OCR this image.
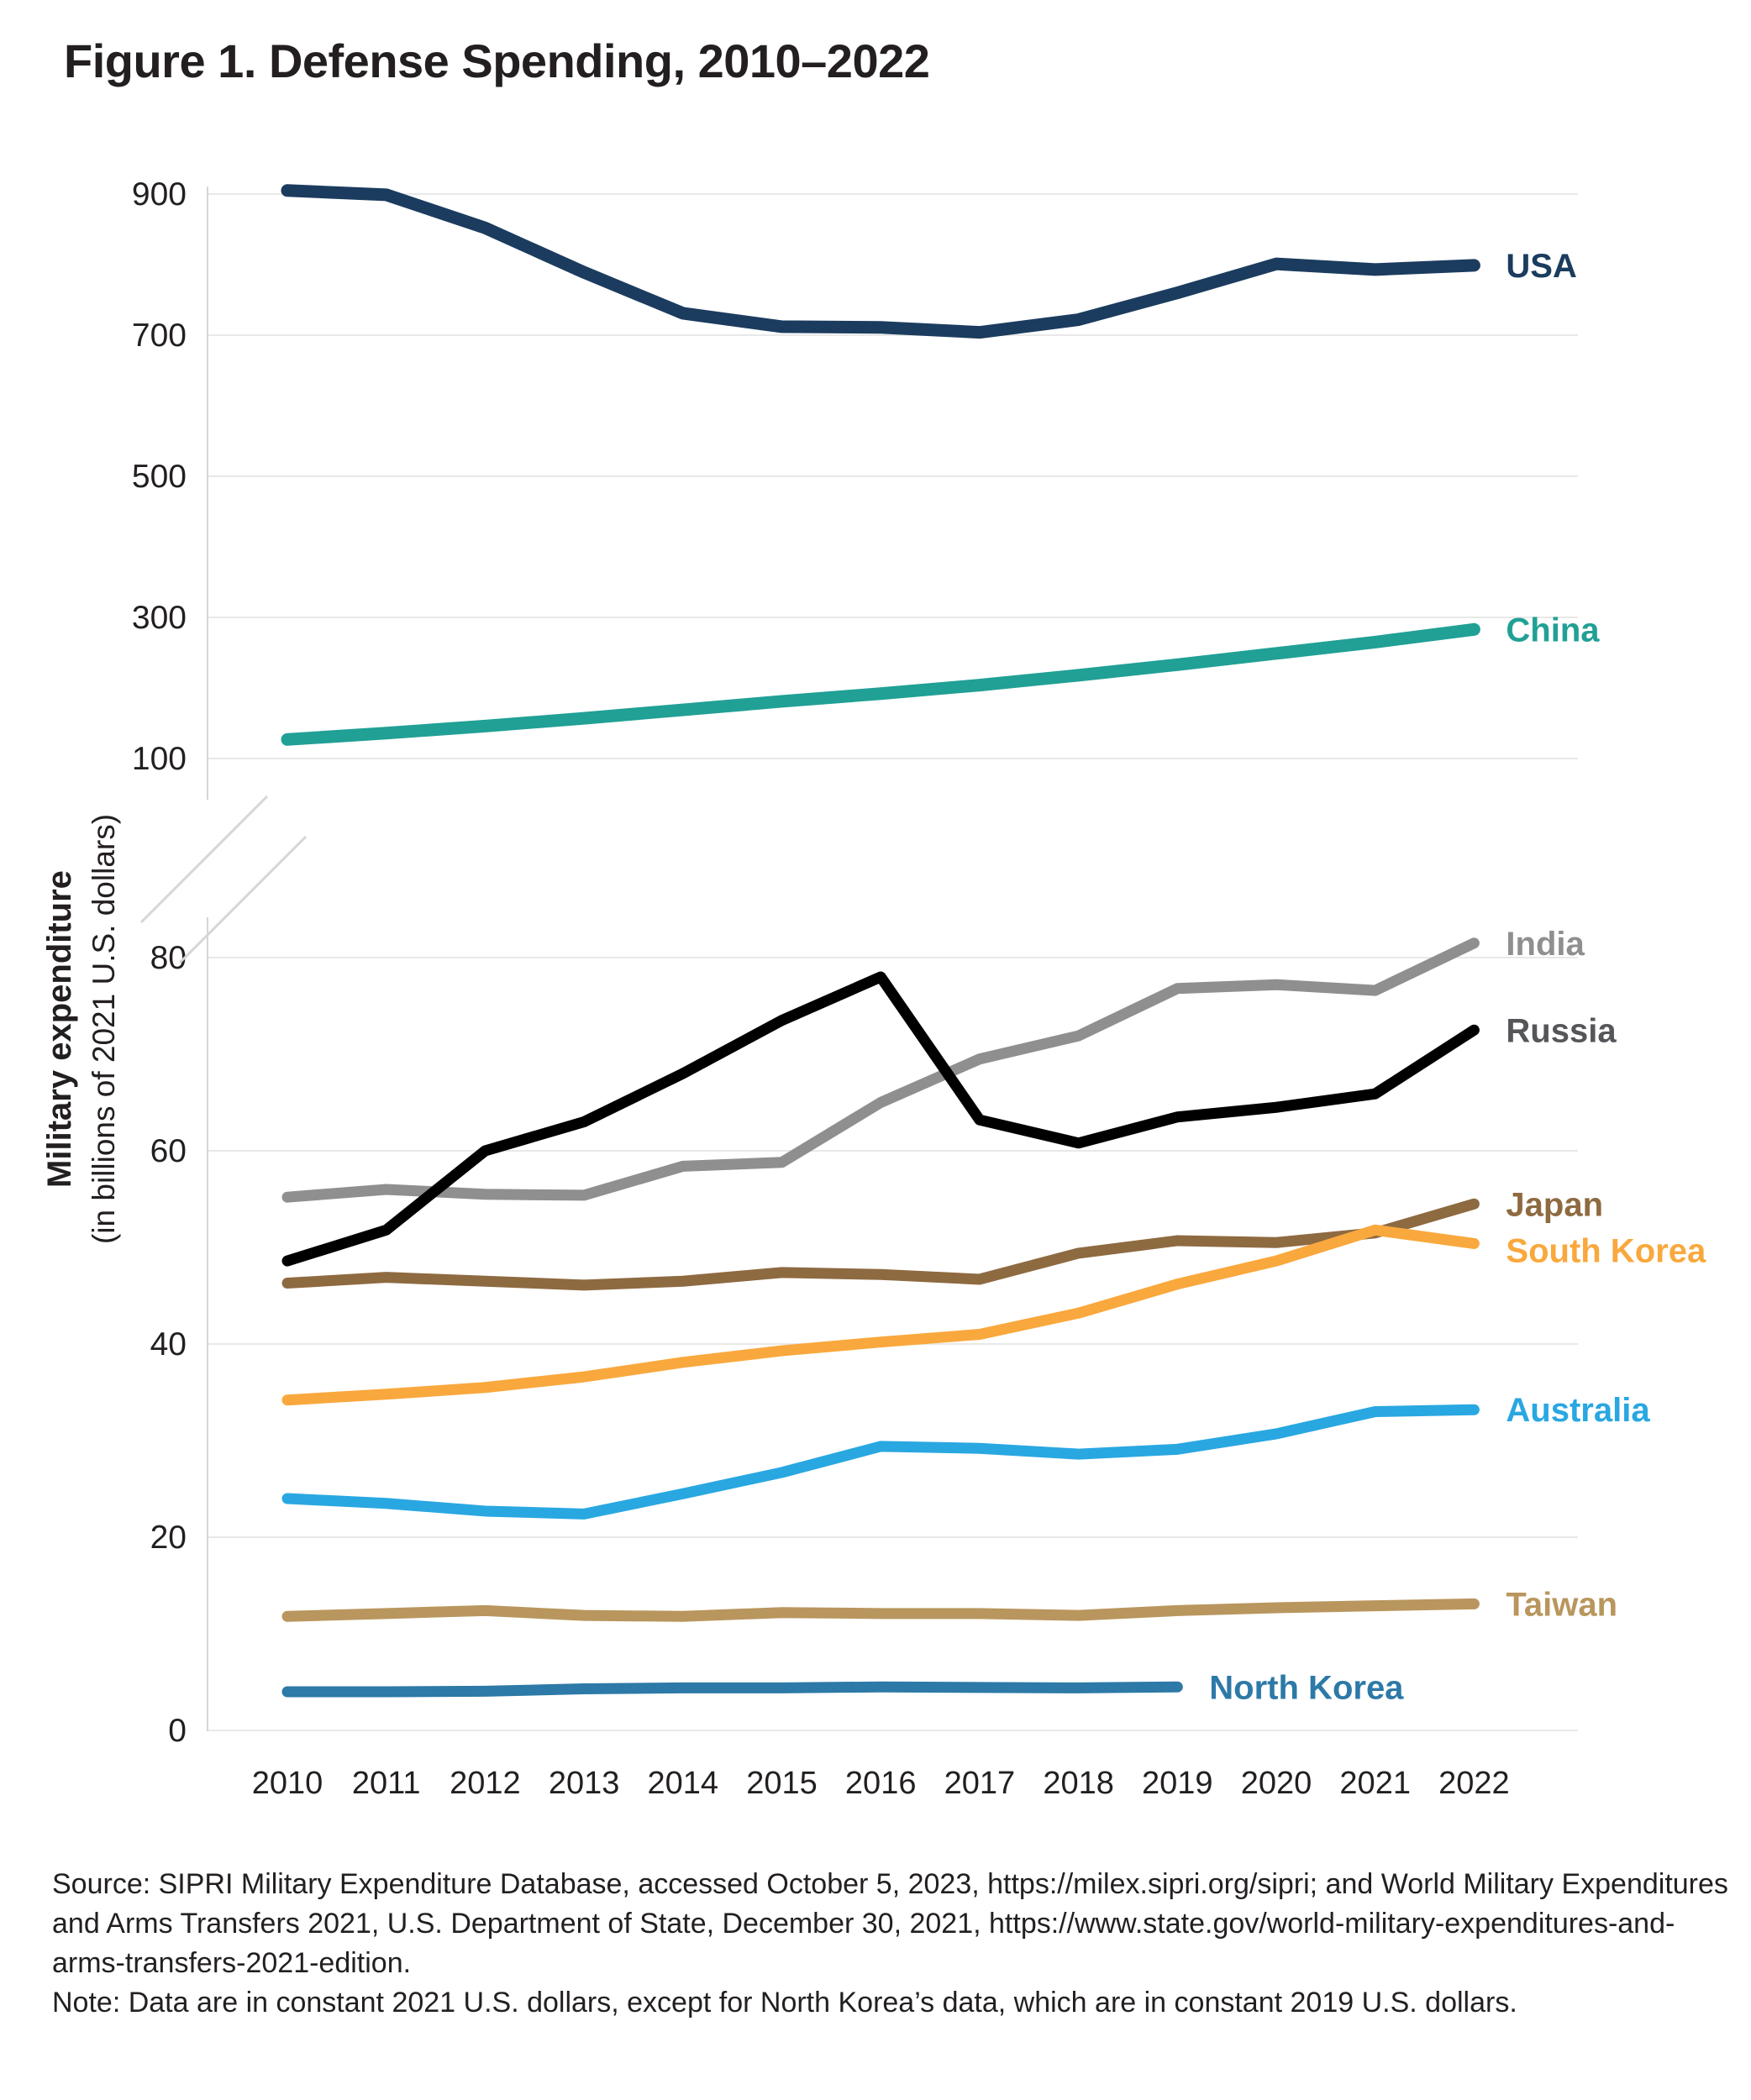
Figure 1. Defense Spending, 2010–2022
900
700
500
300
100
80
60
40
20
0
2010 2011 2012 2013 2014 2015 2016 2017 2018 2019 2020 2021 2022
Military expenditure (in billions of 2021 U.S. dollars)
USA
China
India
Russia
Japan
South Korea
Australia
Taiwan
North Korea

Source: SIPRI Military Expenditure Database, accessed October 5, 2023, https://milex.sipri.org/sipri; and World Military Expenditures and Arms Transfers 2021, U.S. Department of State, December 30, 2021, https://www.state.gov/world-military-expenditures-and-arms-transfers-2021-edition.

Note: Data are in constant 2021 U.S. dollars, except for North Korea’s data, which are in constant 2019 U.S. dollars.
